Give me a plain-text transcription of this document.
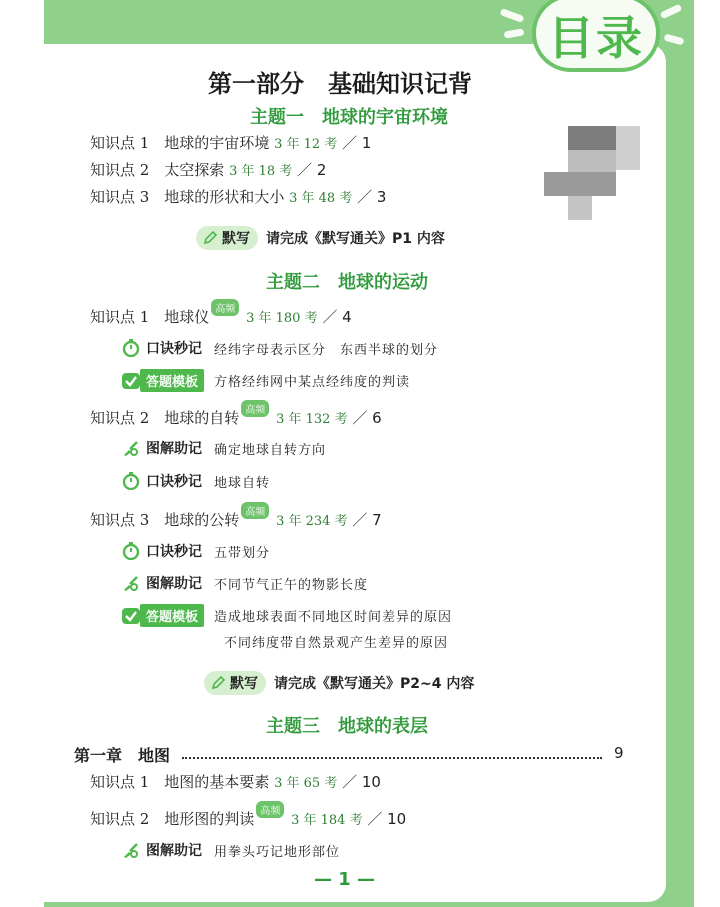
目录
第一部分　基础知识记背
主题一　地球的宇宙环境
知识点 1　地球的宇宙环境 3 年 12 考 ／ 1
知识点 2　太空探索 3 年 18 考 ／ 2
知识点 3　地球的形状和大小 3 年 48 考 ／ 3
默写 请完成《默写通关》P1 内容
主题二　地球的运动
知识点 1　地球仪 高频 3 年 180 考 ／ 4
口诀秒记 经纬字母表示区分　东西半球的划分
答题模板	方格经纬网中某点经纬度的判读
知识点 2　地球的自转 高频 3 年 132 考 ／ 6
图解助记 确定地球自转方向
口诀秒记 地球自转
知识点 3　地球的公转 高频 3 年 234 考 ／ 7
口诀秒记 五带划分
图解助记 不同节气正午的物影长度
答题模板	造成地球表面不同地区时间差异的原因
不同纬度带自然景观产生差异的原因
默写 请完成《默写通关》P2~4 内容
主题三　地球的表层
第一章　地图	9
知识点 1　地图的基本要素 3 年 65 考 ／ 10
知识点 2　地形图的判读 高频 3 年 184 考 ／ 10
图解助记 用拳头巧记地形部位
— 1 —
